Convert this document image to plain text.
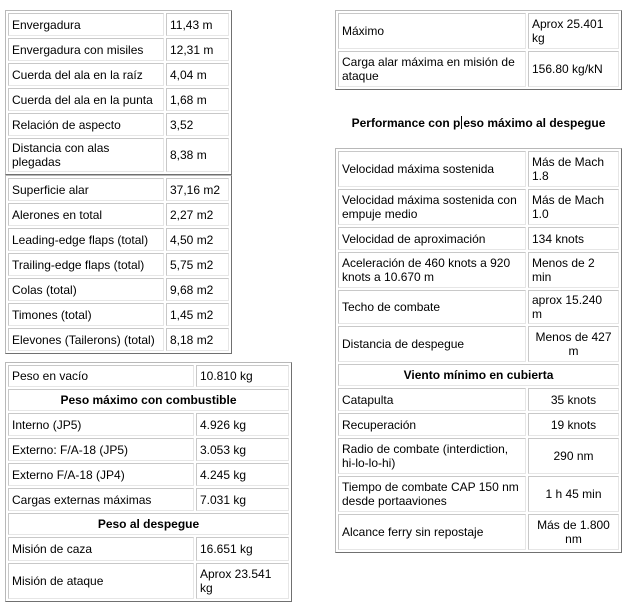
Envergadura	11,43 m
Envergadura con misiles	12,31 m
Cuerda del ala en la raíz	4,04 m
Cuerda del ala en la punta	1,68 m
Relación de aspecto	3,52
Distancia con alas plegadas	8,38 m
Superficie alar	37,16 m2
Alerones en total	2,27 m2
Leading-edge flaps (total)	4,50 m2
Trailing-edge flaps (total)	5,75 m2
Colas (total)	9,68 m2
Timones (total)	1,45 m2
Elevones (Tailerons) (total)	8,18 m2
Peso en vacío	10.810 kg
Peso máximo con combustible	
Interno (JP5)	4.926 kg
Externo: F/A-18 (JP5)	3.053 kg
Externo F/A-18 (JP4)	4.245 kg
Cargas externas máximas	7.031 kg
Peso al despegue	
Misión de caza	16.651 kg
Misión de ataque	Aprox 23.541 kg
Máximo	Aprox 25.401 kg
Carga alar máxima en misión de ataque	156.80 kg/kN
Performance con p eso máximo al despegue
Velocidad máxima sostenida	Más de Mach 1.8
Velocidad máxima sostenida con empuje medio	Más de Mach 1.0
Velocidad de aproximación	134 knots
Aceleración de 460 knots a 920 knots a 10.670 m	Menos de 2 min
Techo de combate	aprox 15.240 m
Distancia de despegue	Menos de 427 m
Viento mínimo en cubierta	
Catapulta	35 knots
Recuperación	19 knots
Radio de combate (interdiction, hi-lo-lo-hi)	290 nm
Tiempo de combate CAP 150 nm desde portaaviones	1 h 45 min
Alcance ferry sin repostaje	Más de 1.800 nm
